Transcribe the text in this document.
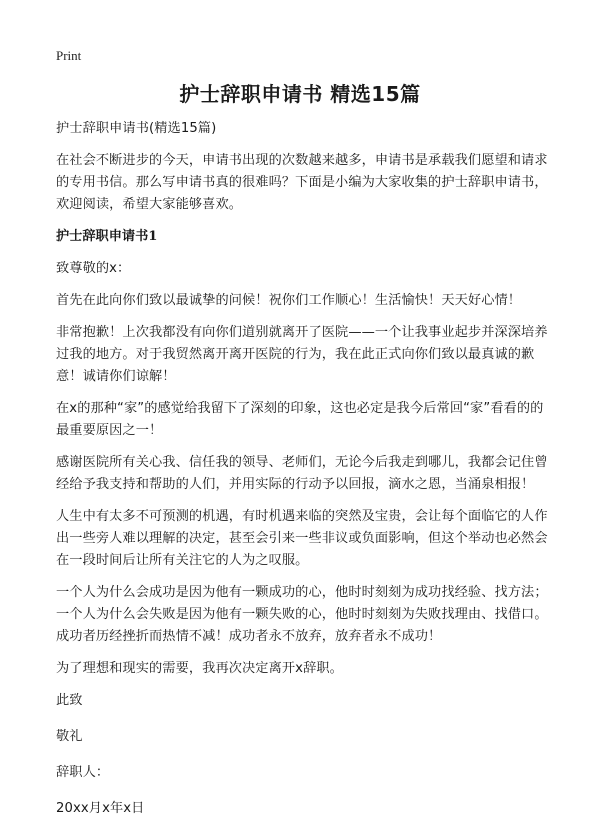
Print
护士辞职申请书 精选15篇

护士辞职申请书(精选15篇)

在社会不断进步的今天，申请书出现的次数越来越多，申请书是承载我们愿望和请求的专用书信。那么写申请书真的很难吗？下面是小编为大家收集的护士辞职申请书，欢迎阅读，希望大家能够喜欢。

护士辞职申请书1

致尊敬的x：

首先在此向你们致以最诚挚的问候！祝你们工作顺心！生活愉快！天天好心情！

非常抱歉！上次我都没有向你们道别就离开了医院——一个让我事业起步并深深培养过我的地方。对于我贸然离开离开医院的行为，我在此正式向你们致以最真诚的歉意！诚请你们谅解！

在x的那种“家”的感觉给我留下了深刻的印象，这也必定是我今后常回“家”看看的的最重要原因之一！

感谢医院所有关心我、信任我的领导、老师们，无论今后我走到哪儿，我都会记住曾经给予我支持和帮助的人们，并用实际的行动予以回报，滴水之恩，当涌泉相报！

人生中有太多不可预测的机遇，有时机遇来临的突然及宝贵，会让每个面临它的人作出一些旁人难以理解的决定，甚至会引来一些非议或负面影响，但这个举动也必然会在一段时间后让所有关注它的人为之叹服。

一个人为什么会成功是因为他有一颗成功的心，他时时刻刻为成功找经验、找方法；一个人为什么会失败是因为他有一颗失败的心，他时时刻刻为失败找理由、找借口。成功者历经挫折而热情不减！成功者永不放弃，放弃者永不成功！

为了理想和现实的需要，我再次决定离开x辞职。

此致

敬礼

辞职人：

20xx月x年x日
